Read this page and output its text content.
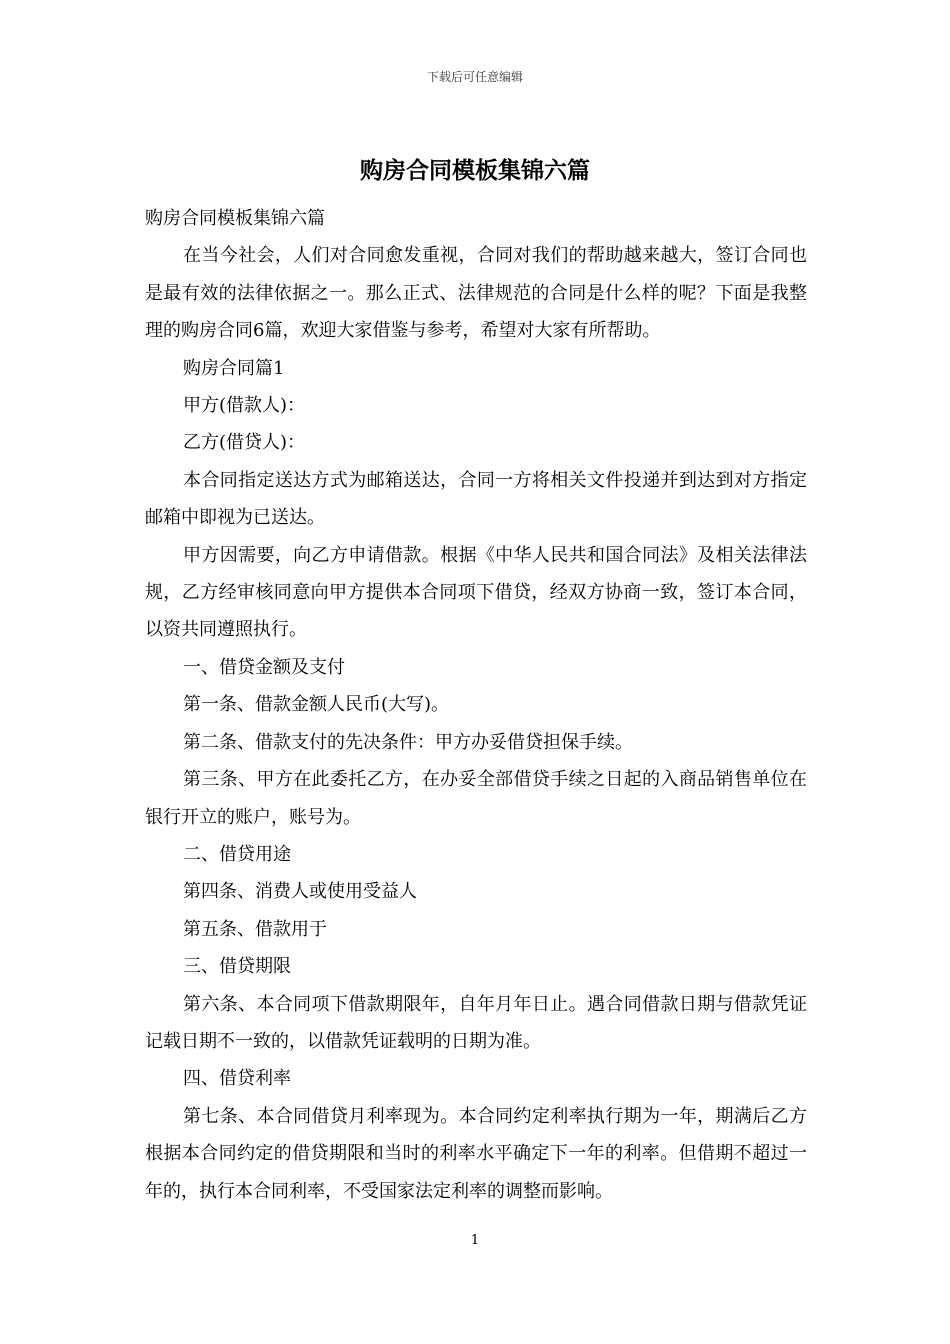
下载后可任意编辑
购房合同模板集锦六篇

购房合同模板集锦六篇

在当今社会，人们对合同愈发重视，合同对我们的帮助越来越大，签订合同也是最有效的法律依据之一。那么正式、法律规范的合同是什么样的呢？下面是我整理的购房合同6篇，欢迎大家借鉴与参考，希望对大家有所帮助。

购房合同篇1

甲方(借款人)：

乙方(借贷人)：

本合同指定送达方式为邮箱送达，合同一方将相关文件投递并到达到对方指定邮箱中即视为已送达。

甲方因需要，向乙方申请借款。根据《中华人民共和国合同法》及相关法律法规，乙方经审核同意向甲方提供本合同项下借贷，经双方协商一致，签订本合同，以资共同遵照执行。

一、借贷金额及支付

第一条、借款金额人民币(大写)。

第二条、借款支付的先决条件：甲方办妥借贷担保手续。

第三条、甲方在此委托乙方，在办妥全部借贷手续之日起的入商品销售单位在银行开立的账户，账号为。

二、借贷用途

第四条、消费人或使用受益人

第五条、借款用于

三、借贷期限

第六条、本合同项下借款期限年，自年月年日止。遇合同借款日期与借款凭证记载日期不一致的，以借款凭证载明的日期为准。

四、借贷利率

第七条、本合同借贷月利率现为。本合同约定利率执行期为一年，期满后乙方根据本合同约定的借贷期限和当时的利率水平确定下一年的利率。但借期不超过一年的，执行本合同利率，不受国家法定利率的调整而影响。

1
